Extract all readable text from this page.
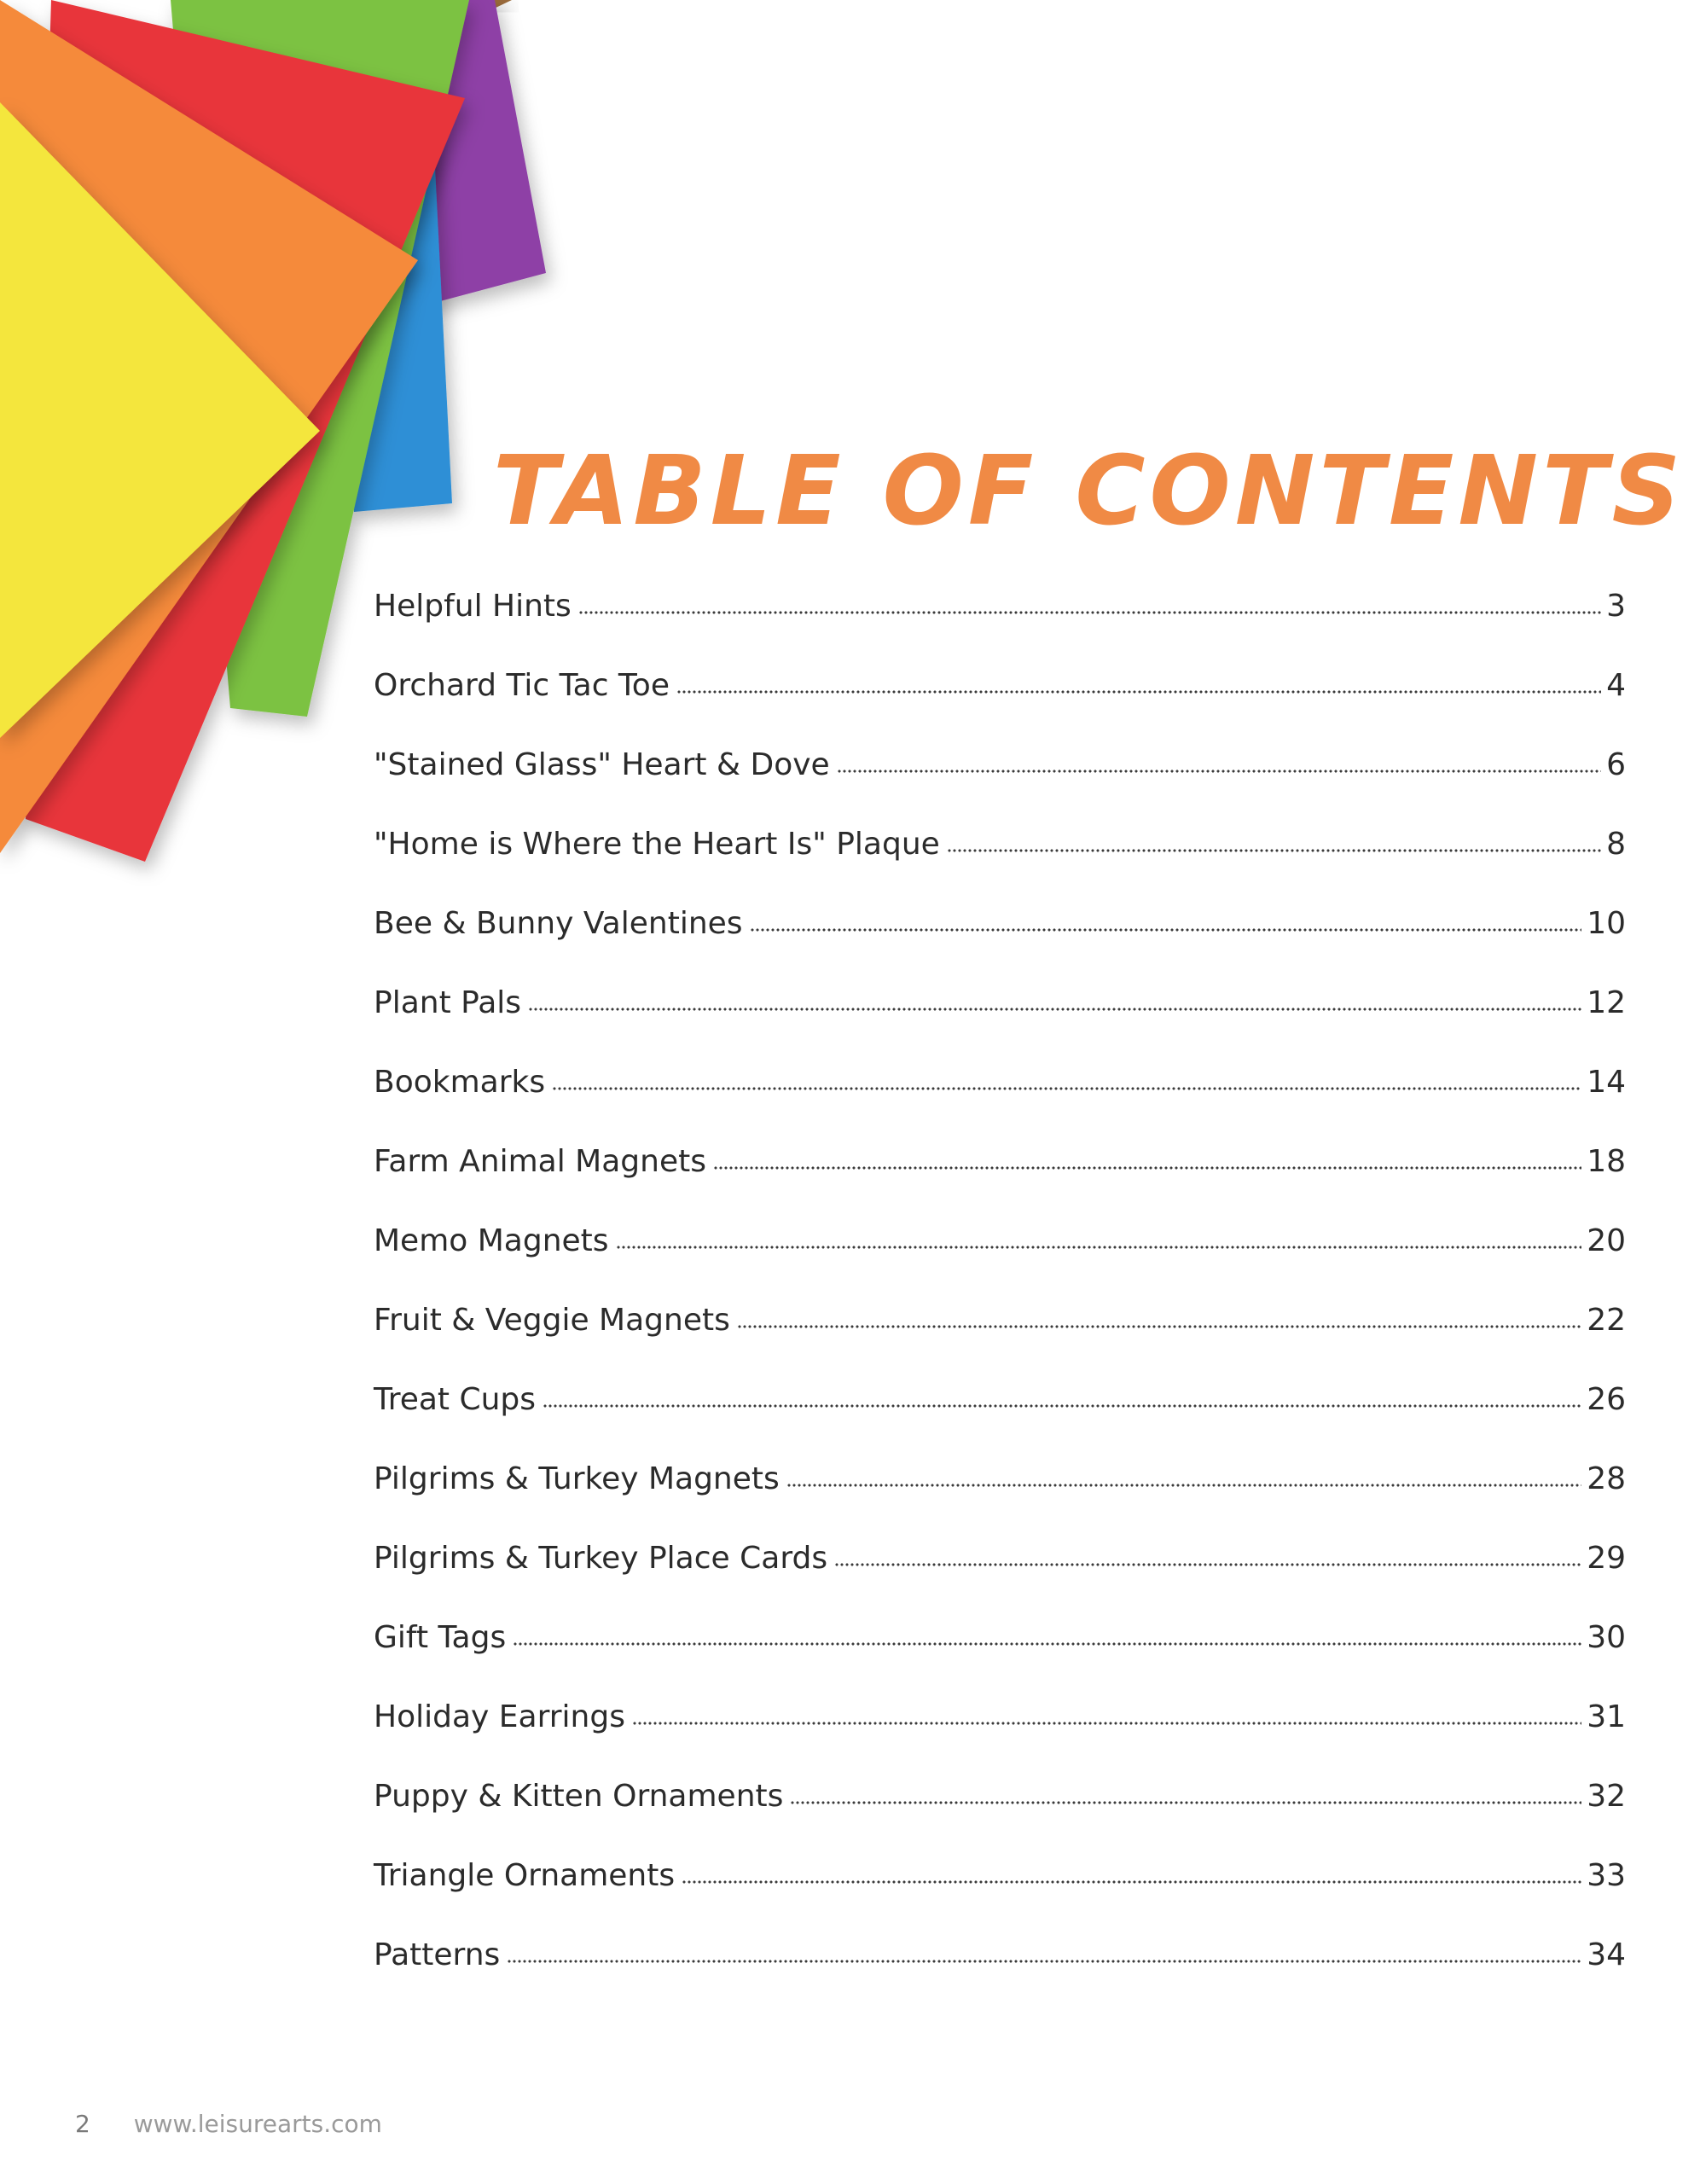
TABLE OF CONTENTS
Helpful Hints	3
Orchard Tic Tac Toe	4
"Stained Glass" Heart & Dove	6
"Home is Where the Heart Is" Plaque	8
Bee & Bunny Valentines	10
Plant Pals	12
Bookmarks	14
Farm Animal Magnets	18
Memo Magnets	20
Fruit & Veggie Magnets	22
Treat Cups	26
Pilgrims & Turkey Magnets	28
Pilgrims & Turkey Place Cards	29
Gift Tags	30
Holiday Earrings	31
Puppy & Kitten Ornaments	32
Triangle Ornaments	33
Patterns	34
2 www.leisurearts.com
